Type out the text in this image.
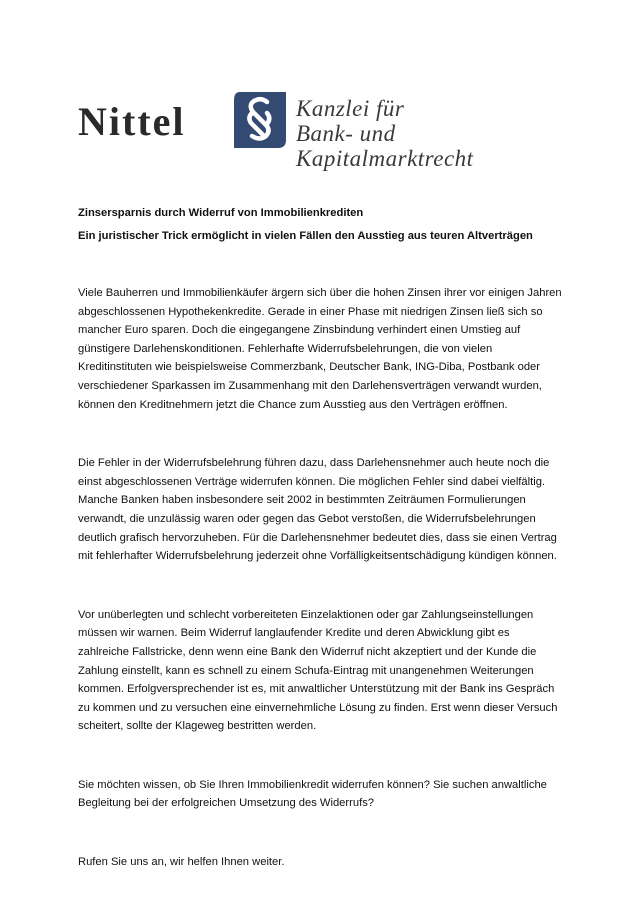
Nittel	Kanzlei für
Bank- und Kapitalmarktrecht

Zinsersparnis durch Widerruf von Immobilienkrediten

Ein juristischer Trick ermöglicht in vielen Fällen den Ausstieg aus teuren Altverträgen

Viele Bauherren und Immobilienkäufer ärgern sich über die hohen Zinsen ihrer vor einigen Jahren abgeschlossenen Hypothekenkredite. Gerade in einer Phase mit niedrigen Zinsen ließ sich so mancher Euro sparen. Doch die eingegangene Zinsbindung verhindert einen Umstieg auf günstigere Darlehenskonditionen. Fehlerhafte Widerrufsbelehrungen, die von vielen Kreditinstituten wie beispielsweise Commerzbank, Deutscher Bank, ING-Diba, Postbank oder verschiedener Sparkassen im Zusammenhang mit den Darlehensverträgen verwandt wurden, können den Kreditnehmern jetzt die Chance zum Ausstieg aus den Verträgen eröffnen.

Die Fehler in der Widerrufsbelehrung führen dazu, dass Darlehensnehmer auch heute noch die einst abgeschlossenen Verträge widerrufen können. Die möglichen Fehler sind dabei vielfältig. Manche Banken haben insbesondere seit 2002 in bestimmten Zeiträumen Formulierungen verwandt, die unzulässig waren oder gegen das Gebot verstoßen, die Widerrufsbelehrungen deutlich grafisch hervorzuheben. Für die Darlehensnehmer bedeutet dies, dass sie einen Vertrag mit fehlerhafter Widerrufsbelehrung jederzeit ohne Vorfälligkeitsentschädigung kündigen können.

Vor unüberlegten und schlecht vorbereiteten Einzelaktionen oder gar Zahlungseinstellungen müssen wir warnen. Beim Widerruf langlaufender Kredite und deren Abwicklung gibt es zahlreiche Fallstricke, denn wenn eine Bank den Widerruf nicht akzeptiert und der Kunde die Zahlung einstellt, kann es schnell zu einem Schufa-Eintrag mit unangenehmen Weiterungen kommen. Erfolgversprechender ist es, mit anwaltlicher Unterstützung mit der Bank ins Gespräch zu kommen und zu versuchen eine einvernehmliche Lösung zu finden. Erst wenn dieser Versuch scheitert, sollte der Klageweg bestritten werden.

Sie möchten wissen, ob Sie Ihren Immobilienkredit widerrufen können? Sie suchen anwaltliche Begleitung bei der erfolgreichen Umsetzung des Widerrufs?

Rufen Sie uns an, wir helfen Ihnen weiter.
